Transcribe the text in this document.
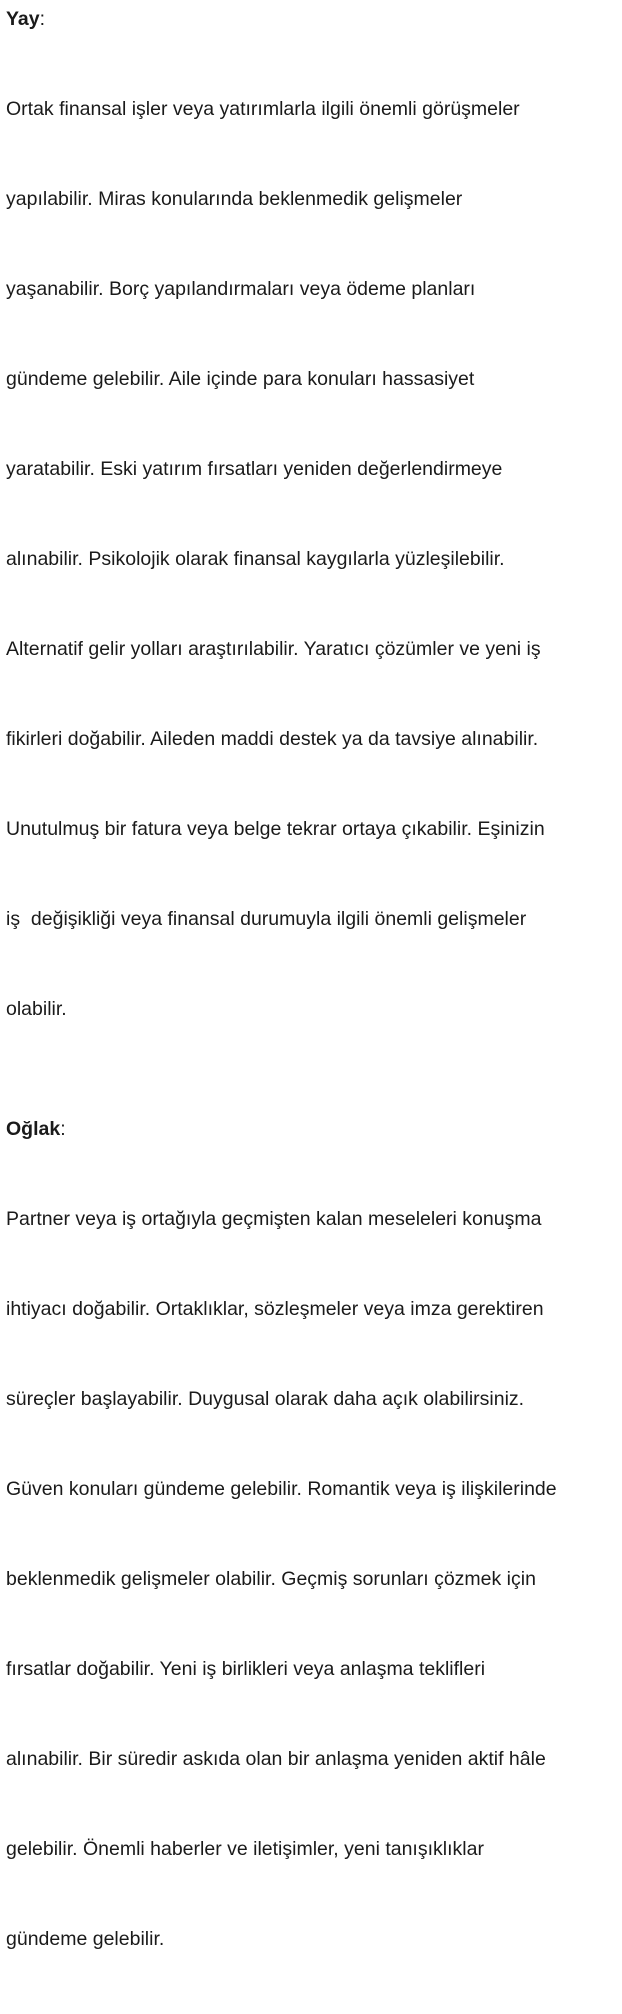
Yay:

Ortak finansal işler veya yatırımlarla ilgili önemli görüşmeler

yapılabilir. Miras konularında beklenmedik gelişmeler

yaşanabilir. Borç yapılandırmaları veya ödeme planları

gündeme gelebilir. Aile içinde para konuları hassasiyet

yaratabilir. Eski yatırım fırsatları yeniden değerlendirmeye

alınabilir. Psikolojik olarak finansal kaygılarla yüzleşilebilir.

Alternatif gelir yolları araştırılabilir. Yaratıcı çözümler ve yeni iş

fikirleri doğabilir. Aileden maddi destek ya da tavsiye alınabilir.

Unutulmuş bir fatura veya belge tekrar ortaya çıkabilir. Eşinizin

iş  değişikliği veya finansal durumuyla ilgili önemli gelişmeler

olabilir.

Oğlak:

Partner veya iş ortağıyla geçmişten kalan meseleleri konuşma

ihtiyacı doğabilir. Ortaklıklar, sözleşmeler veya imza gerektiren

süreçler başlayabilir. Duygusal olarak daha açık olabilirsiniz.

Güven konuları gündeme gelebilir. Romantik veya iş ilişkilerinde

beklenmedik gelişmeler olabilir. Geçmiş sorunları çözmek için

fırsatlar doğabilir. Yeni iş birlikleri veya anlaşma teklifleri

alınabilir. Bir süredir askıda olan bir anlaşma yeniden aktif hâle

gelebilir. Önemli haberler ve iletişimler, yeni tanışıklıklar

gündeme gelebilir.
